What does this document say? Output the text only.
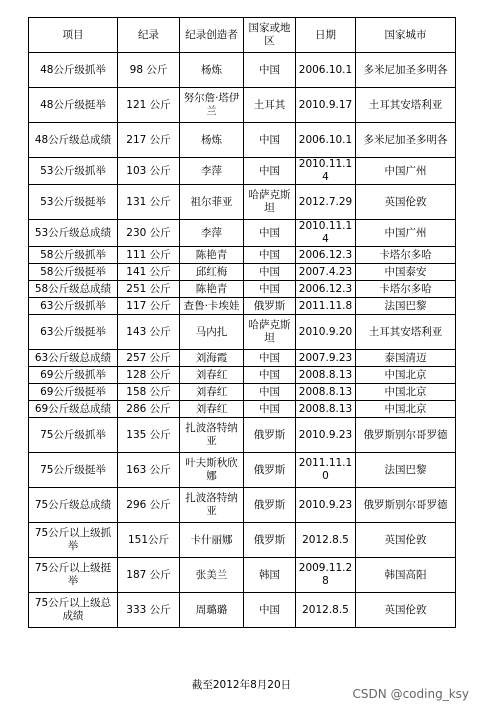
项目	纪录	纪录创造者	国家或地区	日期	国家城市
48公斤级抓举	98 公斤	杨炼	中国	2006.10.1	多米尼加圣多明各
48公斤级挺举	121 公斤	努尔詹·塔伊兰	土耳其	2010.9.17	土耳其安塔利亚
48公斤级总成绩	217 公斤	杨炼	中国	2006.10.1	多米尼加圣多明各
53公斤级抓举	103 公斤	李萍	中国	2010.11.14	中国广州
53公斤级挺举	131 公斤	祖尔菲亚	哈萨克斯坦	2012.7.29	英国伦敦
53公斤级总成绩	230 公斤	李萍	中国	2010.11.14	中国广州
58公斤级抓举	111 公斤	陈艳青	中国	2006.12.3	卡塔尔多哈
58公斤级挺举	141 公斤	邱红梅	中国	2007.4.23	中国泰安
58公斤级总成绩	251 公斤	陈艳青	中国	2006.12.3	卡塔尔多哈
63公斤级抓举	117 公斤	查鲁·卡埃娃	俄罗斯	2011.11.8	法国巴黎
63公斤级挺举	143 公斤	马内扎	哈萨克斯坦	2010.9.20	土耳其安塔利亚
63公斤级总成绩	257 公斤	刘海霞	中国	2007.9.23	泰国清迈
69公斤级抓举	128 公斤	刘春红	中国	2008.8.13	中国北京
69公斤级挺举	158 公斤	刘春红	中国	2008.8.13	中国北京
69公斤级总成绩	286 公斤	刘春红	中国	2008.8.13	中国北京
75公斤级抓举	135 公斤	扎波洛特纳亚	俄罗斯	2010.9.23	俄罗斯别尔哥罗德
75公斤级挺举	163 公斤	叶夫斯秋欣娜	俄罗斯	2011.11.10	法国巴黎
75公斤级总成绩	296 公斤	扎波洛特纳亚	俄罗斯	2010.9.23	俄罗斯别尔哥罗德
75公斤以上级抓举	151公斤	卡什丽娜	俄罗斯	2012.8.5	英国伦敦
75公斤以上级挺举	187 公斤	张美兰	韩国	2009.11.28	韩国高阳
75公斤以上级总成绩	333 公斤	周璐璐	中国	2012.8.5	英国伦敦
截至2012年8月20日
CSDN @coding_ksy
